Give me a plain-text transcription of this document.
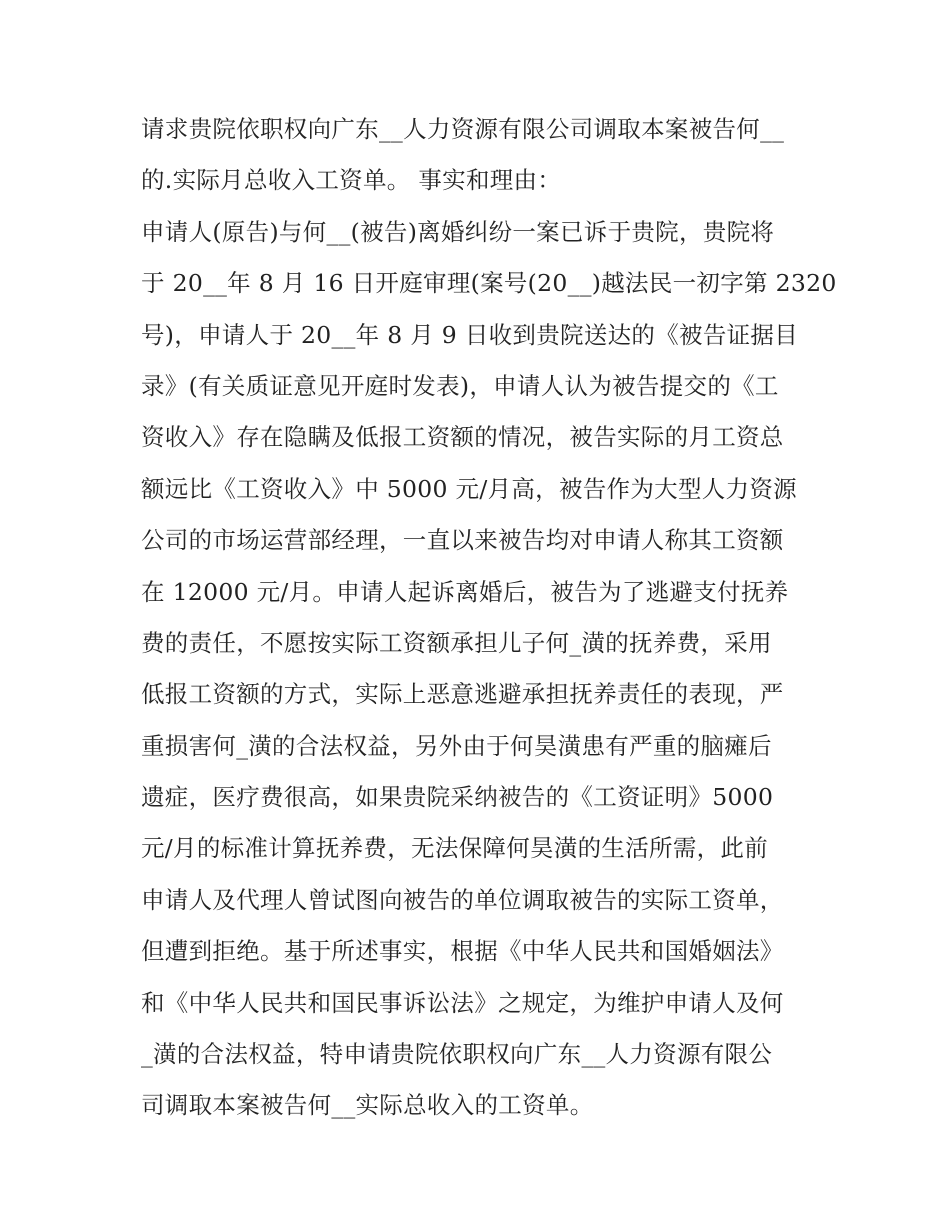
请求贵院依职权向广东__人力资源有限公司调取本案被告何__
的.实际月总收入工资单。 事实和理由：
申请人(原告)与何__(被告)离婚纠纷一案已诉于贵院，贵院将
于 20__年 8 月 16 日开庭审理(案号(20__)越法民一初字第 2320
号)，申请人于 20__年 8 月 9 日收到贵院送达的《被告证据目
录》(有关质证意见开庭时发表)，申请人认为被告提交的《工
资收入》存在隐瞒及低报工资额的情况，被告实际的月工资总
额远比《工资收入》中 5000 元/月高，被告作为大型人力资源
公司的市场运营部经理，一直以来被告均对申请人称其工资额
在 12000 元/月。申请人起诉离婚后，被告为了逃避支付抚养
费的责任，不愿按实际工资额承担儿子何_潢的抚养费，采用
低报工资额的方式，实际上恶意逃避承担抚养责任的表现，严
重损害何_潢的合法权益，另外由于何昊潢患有严重的脑瘫后
遗症，医疗费很高，如果贵院采纳被告的《工资证明》5000
元/月的标准计算抚养费，无法保障何昊潢的生活所需，此前
申请人及代理人曾试图向被告的单位调取被告的实际工资单，
但遭到拒绝。基于所述事实，根据《中华人民共和国婚姻法》
和《中华人民共和国民事诉讼法》之规定，为维护申请人及何
_潢的合法权益，特申请贵院依职权向广东__人力资源有限公
司调取本案被告何__实际总收入的工资单。
